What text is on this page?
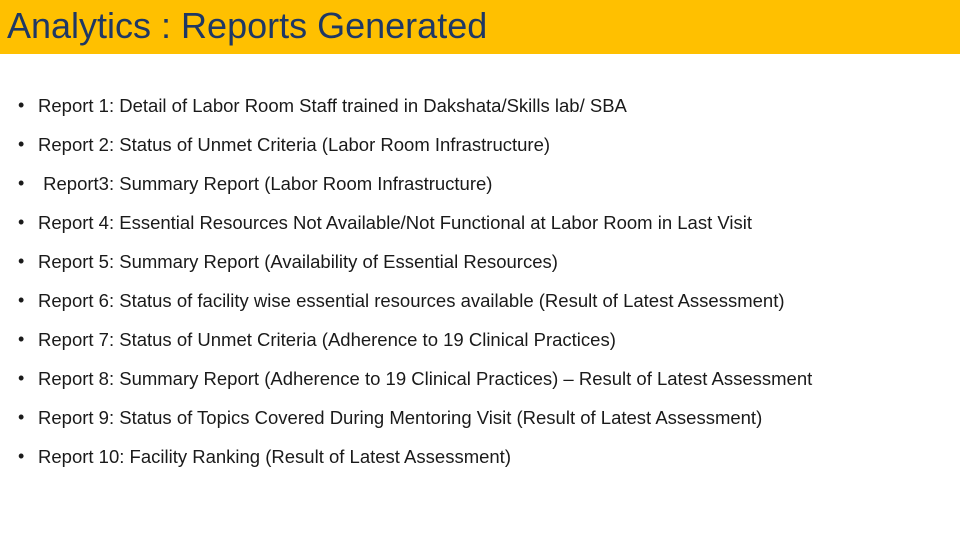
Analytics : Reports Generated
• Report 1: Detail of Labor Room Staff trained in Dakshata/Skills lab/ SBA
• Report 2: Status of Unmet Criteria (Labor Room Infrastructure)
• Report3: Summary Report (Labor Room Infrastructure)
• Report 4: Essential Resources Not Available/Not Functional at Labor Room in Last Visit
• Report 5: Summary Report (Availability of Essential Resources)
• Report 6: Status of facility wise essential resources available (Result of Latest Assessment)
• Report 7: Status of Unmet Criteria (Adherence to 19 Clinical Practices)
• Report 8: Summary Report (Adherence to 19 Clinical Practices) – Result of Latest Assessment
• Report 9: Status of Topics Covered During Mentoring Visit (Result of Latest Assessment)
• Report 10: Facility Ranking (Result of Latest Assessment)
